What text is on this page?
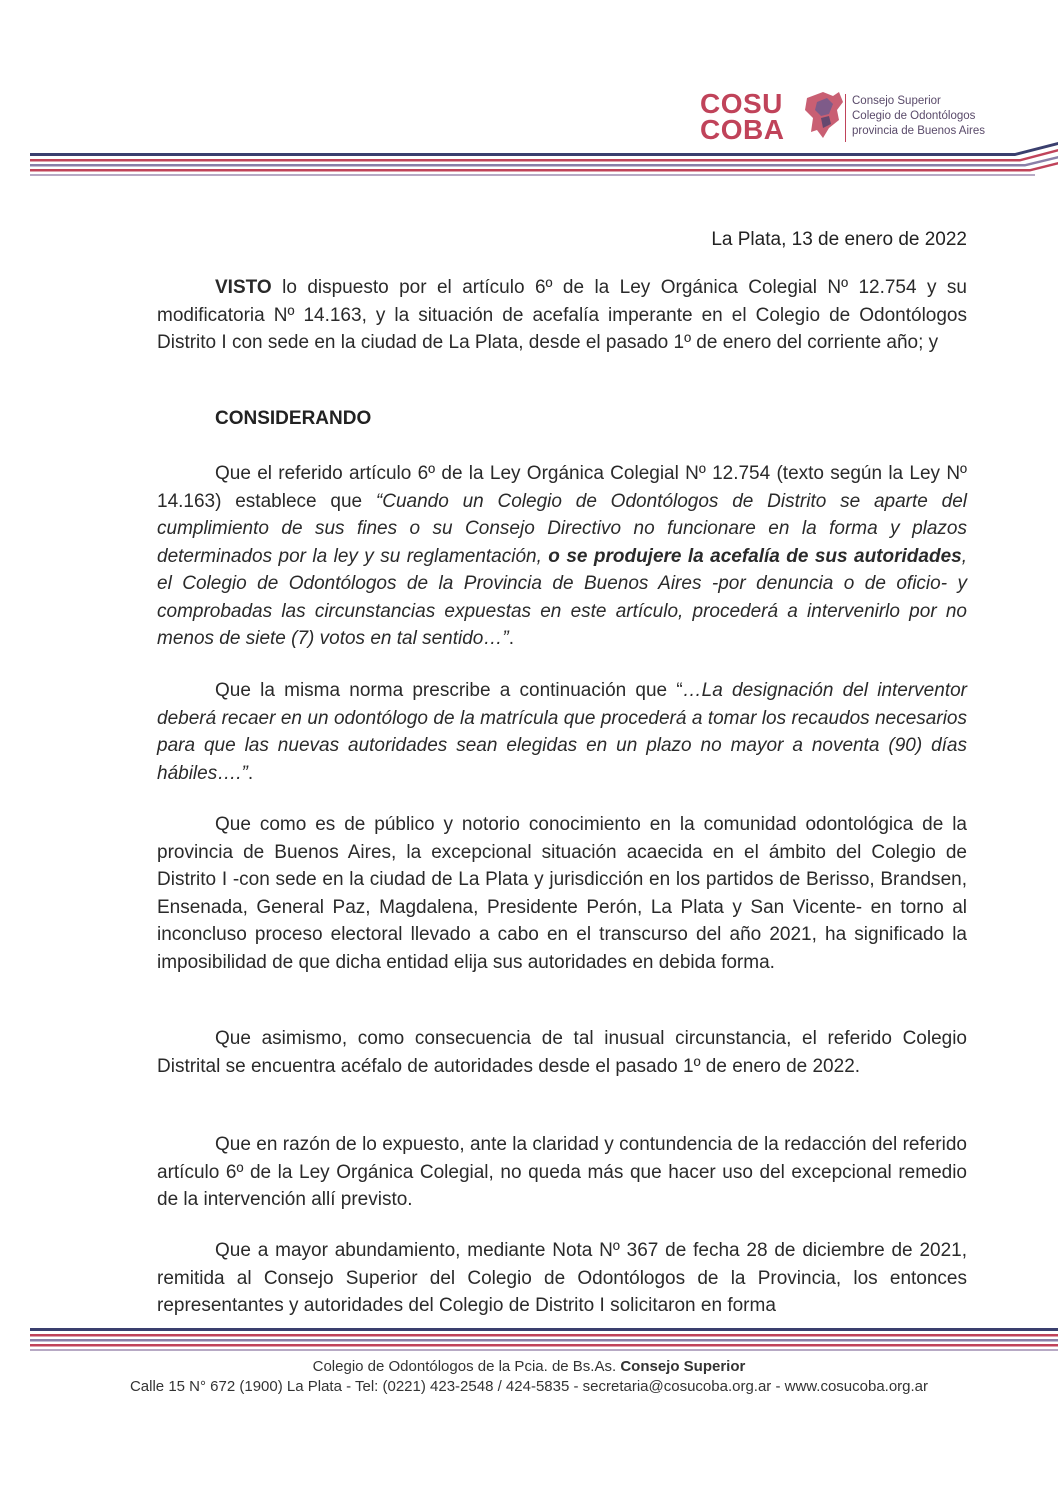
COSU
COBA
Consejo Superior
Colegio de Odontólogos
provincia de Buenos Aires
La Plata, 13 de enero de 2022

VISTO lo dispuesto por el artículo 6º de la Ley Orgánica Colegial Nº 12.754 y su modificatoria Nº 14.163, y la situación de acefalía imperante en el Colegio de Odontólogos Distrito I con sede en la ciudad de La Plata, desde el pasado 1º de enero del corriente año; y

CONSIDERANDO

Que el referido artículo 6º de la Ley Orgánica Colegial Nº 12.754 (texto según la Ley Nº 14.163) establece que “Cuando un Colegio de Odontólogos de Distrito se aparte del cumplimiento de sus fines o su Consejo Directivo no funcionare en la forma y plazos determinados por la ley y su reglamentación, o se produjere la acefalía de sus autoridades, el Colegio de Odontólogos de la Provincia de Buenos Aires -por denuncia o de oficio- y comprobadas las circunstancias expuestas en este artículo, procederá a intervenirlo por no menos de siete (7) votos en tal sentido…”.

Que la misma norma prescribe a continuación que “…La designación del interventor deberá recaer en un odontólogo de la matrícula que procederá a tomar los recaudos necesarios para que las nuevas autoridades sean elegidas en un plazo no mayor a noventa (90) días hábiles….”.

Que como es de público y notorio conocimiento en la comunidad odontológica de la provincia de Buenos Aires, la excepcional situación acaecida en el ámbito del Colegio de Distrito I -con sede en la ciudad de La Plata y jurisdicción en los partidos de Berisso, Brandsen, Ensenada, General Paz, Magdalena, Presidente Perón, La Plata y San Vicente- en torno al inconcluso proceso electoral llevado a cabo en el transcurso del año 2021, ha significado la imposibilidad de que dicha entidad elija sus autoridades en debida forma.

Que asimismo, como consecuencia de tal inusual circunstancia, el referido Colegio Distrital se encuentra acéfalo de autoridades desde el pasado 1º de enero de 2022.

Que en razón de lo expuesto, ante la claridad y contundencia de la redacción del referido artículo 6º de la Ley Orgánica Colegial, no queda más que hacer uso del excepcional remedio de la intervención allí previsto.

Que a mayor abundamiento, mediante Nota Nº 367 de fecha 28 de diciembre de 2021, remitida al Consejo Superior del Colegio de Odontólogos de la Provincia, los entonces representantes y autoridades del Colegio de Distrito I solicitaron en forma

Colegio de Odontólogos de la Pcia. de Bs.As. Consejo Superior
Calle 15 N° 672 (1900) La Plata - Tel: (0221) 423-2548 / 424-5835 - secretaria@cosucoba.org.ar - www.cosucoba.org.ar
